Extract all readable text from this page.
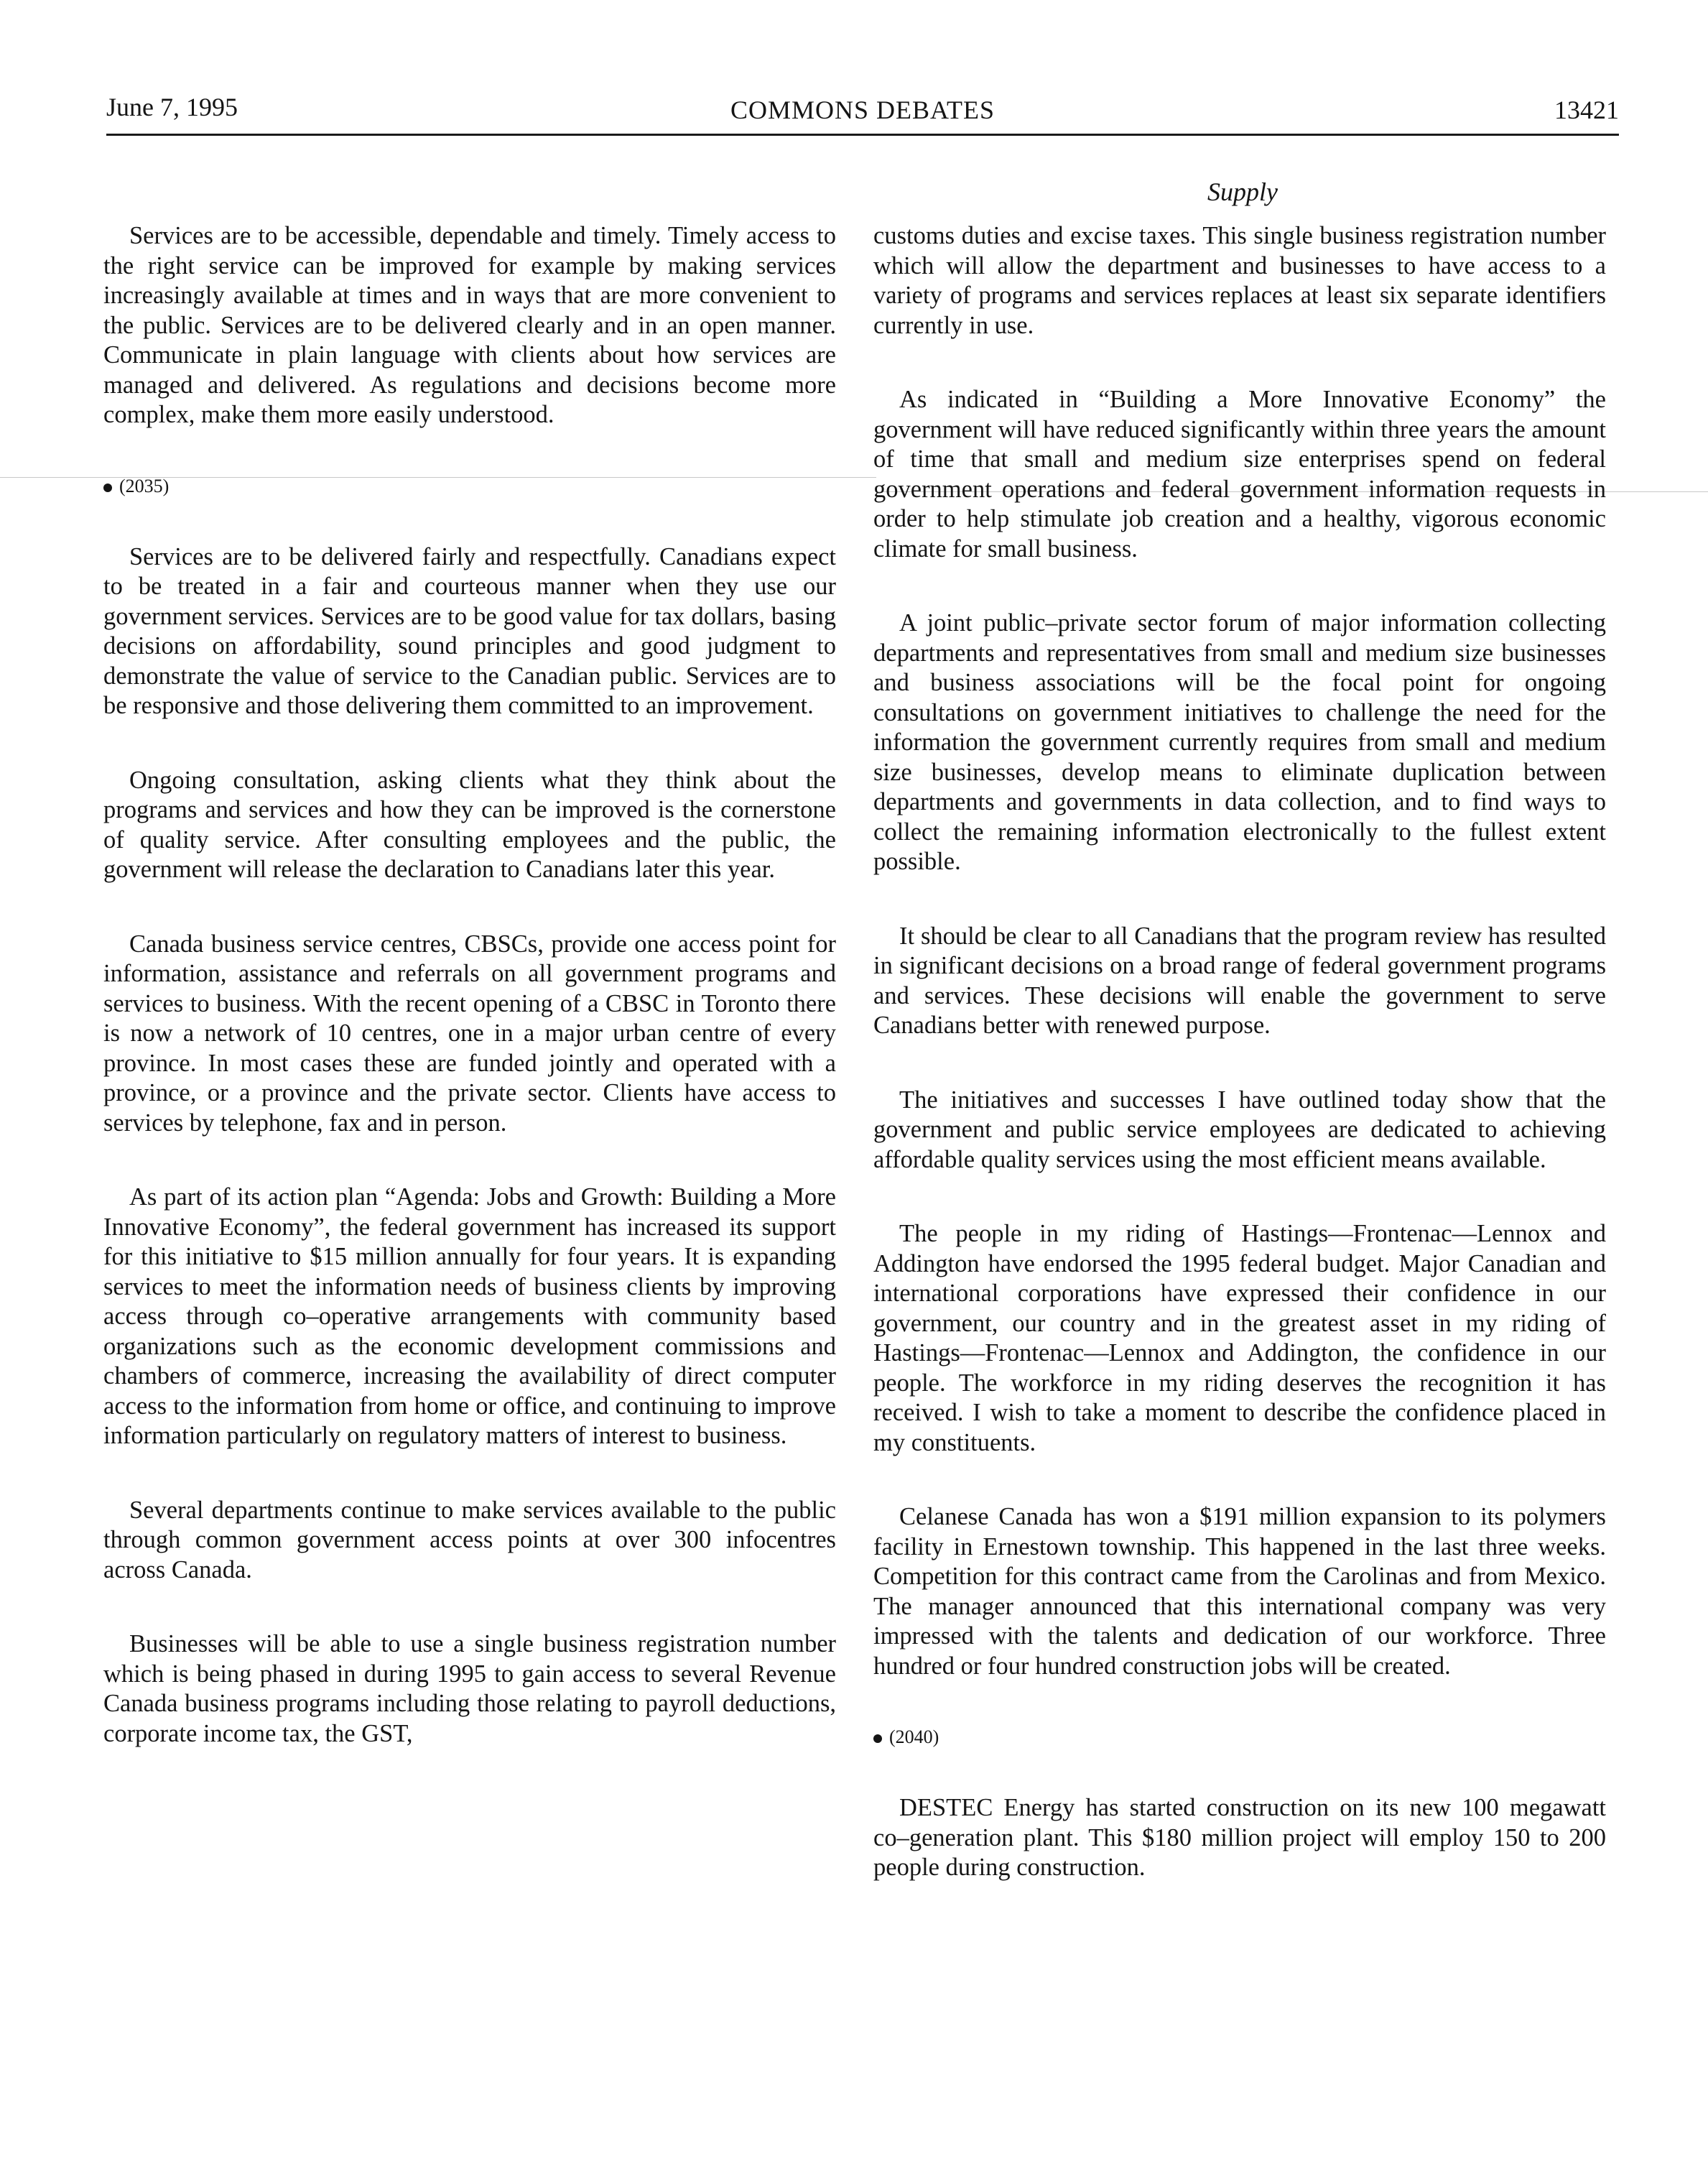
June 7, 1995	COMMONS DEBATES	13421
Supply

Services are to be accessible, dependable and timely. Timely access to the right service can be improved for example by making services increasingly available at times and in ways that are more convenient to the public. Services are to be delivered clearly and in an open manner. Communicate in plain language with clients about how services are managed and delivered. As regulations and decisions become more complex, make them more easily understood.

(2035)

Services are to be delivered fairly and respectfully. Canadians expect to be treated in a fair and courteous manner when they use our government services. Services are to be good value for tax dollars, basing decisions on affordability, sound principles and good judgment to demonstrate the value of service to the Canadian public. Services are to be responsive and those delivering them committed to an improvement.

Ongoing consultation, asking clients what they think about the programs and services and how they can be improved is the cornerstone of quality service. After consulting employees and the public, the government will release the declaration to Canadians later this year.

Canada business service centres, CBSCs, provide one access point for information, assistance and referrals on all government programs and services to business. With the recent opening of a CBSC in Toronto there is now a network of 10 centres, one in a major urban centre of every province. In most cases these are funded jointly and operated with a province, or a province and the private sector. Clients have access to services by telephone, fax and in person.

As part of its action plan “Agenda: Jobs and Growth: Building a More Innovative Economy”, the federal government has increased its support for this initiative to $15 million annually for four years. It is expanding services to meet the information needs of business clients by improving access through co–operative arrangements with community based organizations such as the economic development commissions and chambers of commerce, increasing the availability of direct computer access to the information from home or office, and continuing to improve information particularly on regulatory matters of interest to business.

Several departments continue to make services available to the public through common government access points at over 300 infocentres across Canada.

Businesses will be able to use a single business registration number which is being phased in during 1995 to gain access to several Revenue Canada business programs including those relating to payroll deductions, corporate income tax, the GST,

customs duties and excise taxes. This single business registration number which will allow the department and businesses to have access to a variety of programs and services replaces at least six separate identifiers currently in use.

As indicated in “Building a More Innovative Economy” the government will have reduced significantly within three years the amount of time that small and medium size enterprises spend on federal government operations and federal government information requests in order to help stimulate job creation and a healthy, vigorous economic climate for small business.

A joint public–private sector forum of major information collecting departments and representatives from small and medium size businesses and business associations will be the focal point for ongoing consultations on government initiatives to challenge the need for the information the government currently requires from small and medium size businesses, develop means to eliminate duplication between departments and governments in data collection, and to find ways to collect the remaining information electronically to the fullest extent possible.

It should be clear to all Canadians that the program review has resulted in significant decisions on a broad range of federal government programs and services. These decisions will enable the government to serve Canadians better with renewed purpose.

The initiatives and successes I have outlined today show that the government and public service employees are dedicated to achieving affordable quality services using the most efficient means available.

The people in my riding of Hastings—Frontenac—Lennox and Addington have endorsed the 1995 federal budget. Major Canadian and international corporations have expressed their confidence in our government, our country and in the greatest asset in my riding of Hastings—Frontenac—Lennox and Addington, the confidence in our people. The workforce in my riding deserves the recognition it has received. I wish to take a moment to describe the confidence placed in my constituents.

Celanese Canada has won a $191 million expansion to its polymers facility in Ernestown township. This happened in the last three weeks. Competition for this contract came from the Carolinas and from Mexico. The manager announced that this international company was very impressed with the talents and dedication of our workforce. Three hundred or four hundred construction jobs will be created.

(2040)

DESTEC Energy has started construction on its new 100 megawatt co–generation plant. This $180 million project will employ 150 to 200 people during construction.
